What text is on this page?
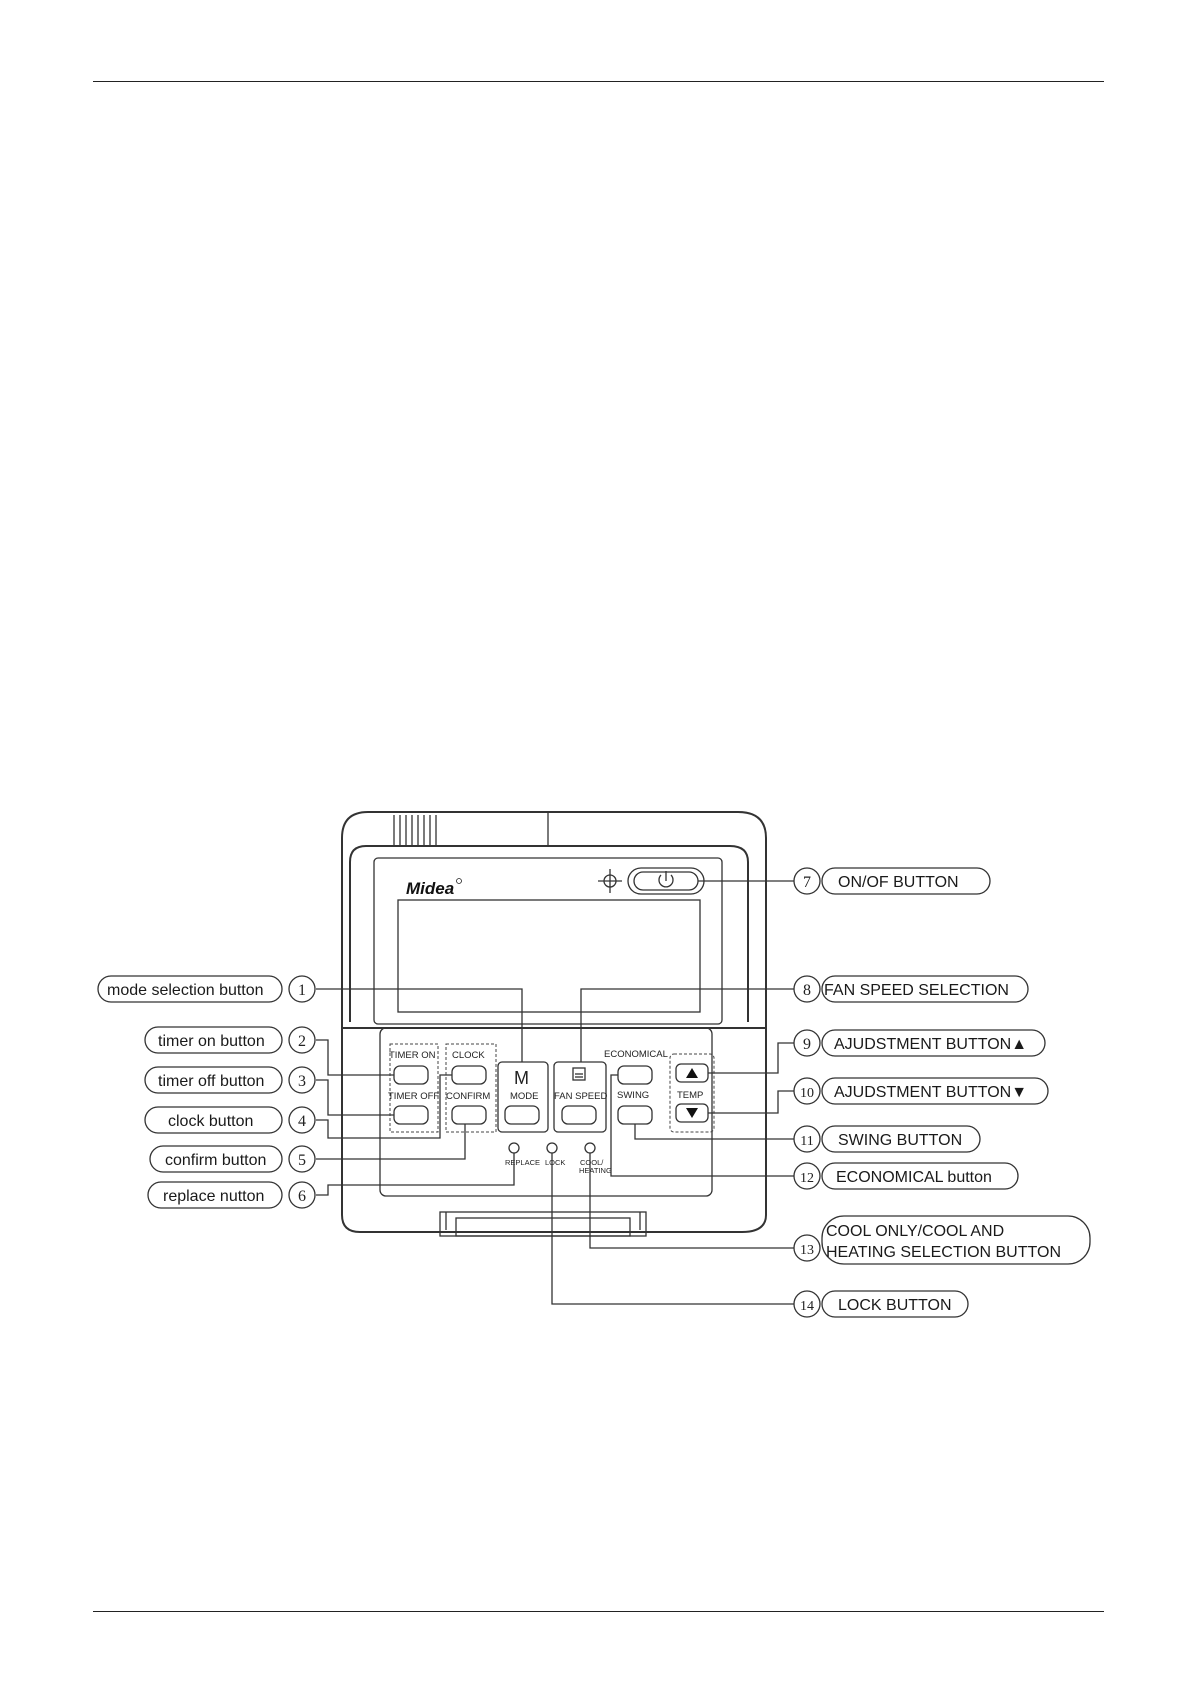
Midea
TIMER ON
TIMER OFF
CLOCK
CONFIRM
M
MODE FAN SPEED
ECONOMICAL
SWING	TEMP
REPLACE LOCK COOL/
HEATING
mode selection button 1
timer on button 2
timer off button 3
clock button	4
confirm button 5
replace nutton 6
7 ON/OF BUTTON
8 FAN SPEED SELECTION
9 AJUDSTMENT BUTTON▲
10 AJUDSTMENT BUTTON▼
11 SWING BUTTON
12 ECONOMICAL button
13
COOL ONLY/COOL AND
HEATING SELECTION BUTTON
14 LOCK BUTTON
